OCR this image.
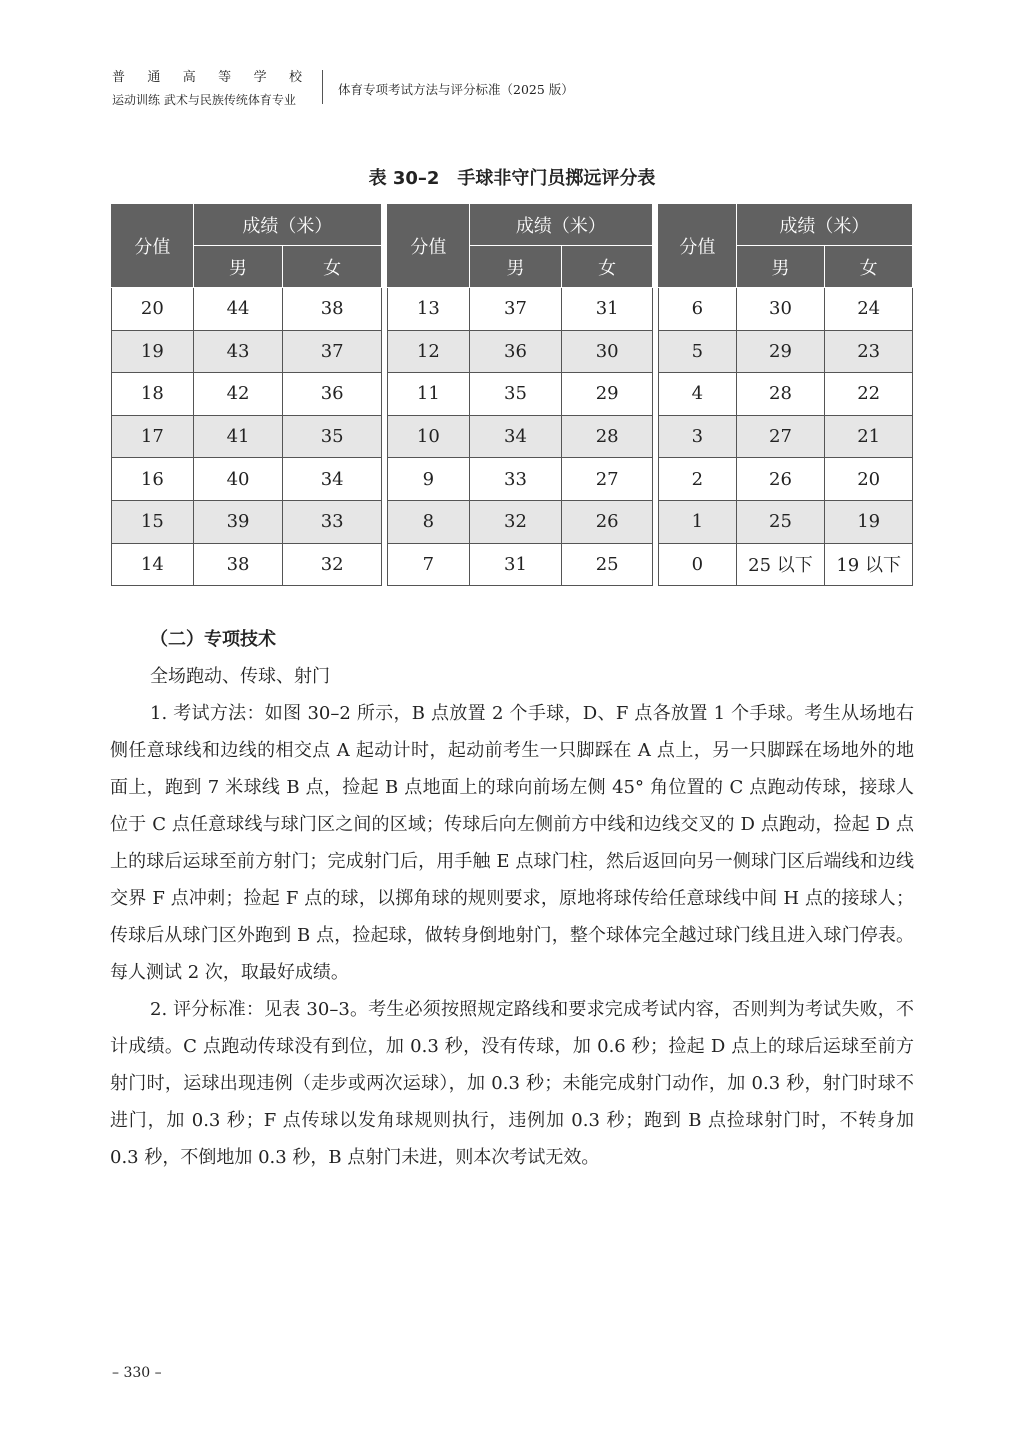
普 通 高 等 学 校
运动训练 武术与民族传统体育专业
体育专项考试方法与评分标准（2025 版）
表 30–2　手球非守门员掷远评分表
分值	成绩（米）	
	男	女
20	44	38
19	43	37
18	42	36
17	41	35
16	40	34
15	39	33
14	38	32
分值	成绩（米）	
	男	女
13	37	31
12	36	30
11	35	29
10	34	28
9	33	27
8	32	26
7	31	25
分值	成绩（米）	
	男	女
6	30	24
5	29	23
4	28	22
3	27	21
2	26	20
1	25	19
0	25 以下	19 以下
（二）专项技术
全场跑动、传球、射门

1. 考试方法：如图 30–2 所示，B 点放置 2 个手球，D、F 点各放置 1 个手球。考生从场地右侧任意球线和边线的相交点 A 起动计时，起动前考生一只脚踩在 A 点上，另一只脚踩在场地外的地面上，跑到 7 米球线 B 点，捡起 B 点地面上的球向前场左侧 45° 角位置的 C 点跑动传球，接球人位于 C 点任意球线与球门区之间的区域；传球后向左侧前方中线和边线交叉的 D 点跑动，捡起 D 点上的球后运球至前方射门；完成射门后，用手触 E 点球门柱，然后返回向另一侧球门区后端线和边线交界 F 点冲刺；捡起 F 点的球，以掷角球的规则要求，原地将球传给任意球线中间 H 点的接球人；传球后从球门区外跑到 B 点，捡起球，做转身倒地射门，整个球体完全越过球门线且进入球门停表。每人测试 2 次，取最好成绩。

2. 评分标准：见表 30–3。考生必须按照规定路线和要求完成考试内容，否则判为考试失败，不计成绩。C 点跑动传球没有到位，加 0.3 秒，没有传球，加 0.6 秒；捡起 D 点上的球后运球至前方射门时，运球出现违例（走步或两次运球），加 0.3 秒；未能完成射门动作，加 0.3 秒，射门时球不进门，加 0.3 秒；F 点传球以发角球规则执行，违例加 0.3 秒；跑到 B 点捡球射门时，不转身加 0.3 秒，不倒地加 0.3 秒，B 点射门未进，则本次考试无效。

– 330 –
